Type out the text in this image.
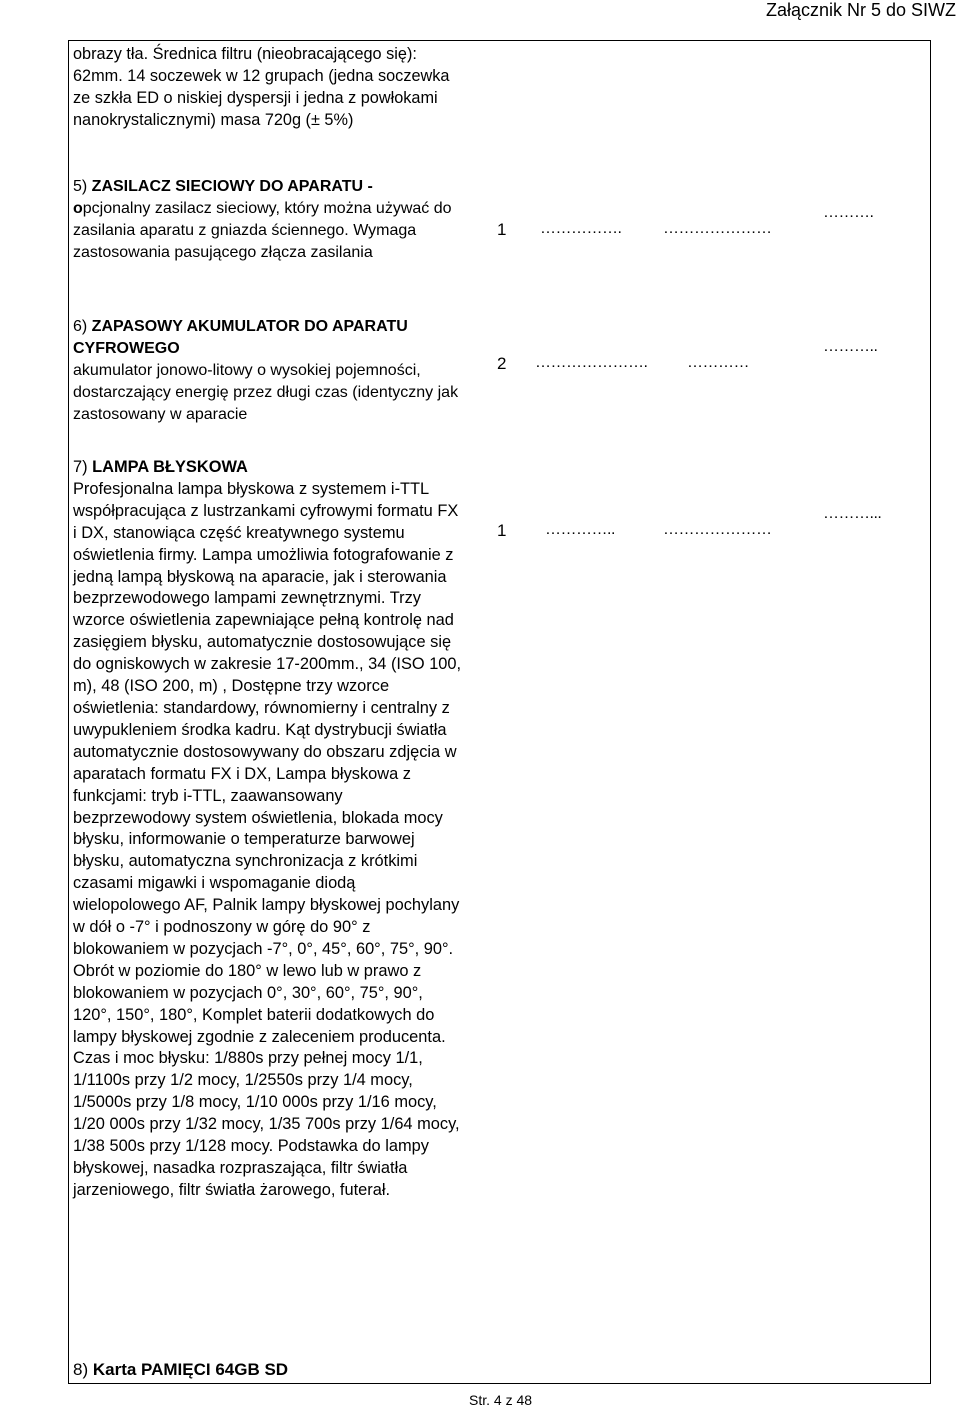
Załącznik Nr 5 do SIWZ
obrazy tła. Średnica filtru (nieobracającego się): 62mm. 14 soczewek w 12 grupach (jedna soczewka ze szkła ED o niskiej dyspersji i jedna z powłokami nanokrystalicznymi) masa 720g (± 5%)
5) ZASILACZ SIECIOWY DO APARATU -
opcjonalny zasilacz sieciowy, który można używać do zasilania aparatu z gniazda ściennego. Wymaga zastosowania pasującego złącza zasilania
1 …………….	…………………
……….
6) ZAPASOWY AKUMULATOR DO APARATU CYFROWEGO
akumulator jonowo-litowy o wysokiej pojemności, dostarczający energię przez długi czas (identyczny jak zastosowany w aparacie
2 …………………. …………
………..
7) LAMPA BŁYSKOWA
Profesjonalna lampa błyskowa z systemem i-TTL współpracująca z lustrzankami cyfrowymi formatu FX i DX, stanowiąca część kreatywnego systemu oświetlenia firmy. Lampa umożliwia fotografowanie z jedną lampą błyskową na aparacie, jak i sterowania bezprzewodowego lampami zewnętrznymi. Trzy wzorce oświetlenia zapewniające pełną kontrolę nad zasięgiem błysku, automatycznie dostosowujące się do ogniskowych w zakresie 17-200mm., 34 (ISO 100, m), 48 (ISO 200, m) , Dostępne trzy wzorce oświetlenia: standardowy, równomierny i centralny z uwypukleniem środka kadru. Kąt dystrybucji światła automatycznie dostosowywany do obszaru zdjęcia w aparatach formatu FX i DX, Lampa błyskowa z funkcjami: tryb i-TTL, zaawansowany bezprzewodowy system oświetlenia, blokada mocy błysku, informowanie o temperaturze barwowej błysku, automatyczna synchronizacja z krótkimi czasami migawki i wspomaganie diodą wielopolowego AF, Palnik lampy błyskowej pochylany w dół o -7° i podnoszony w górę do 90° z blokowaniem w pozycjach -7°, 0°, 45°, 60°, 75°, 90°. Obrót w poziomie do 180° w lewo lub w prawo z blokowaniem w pozycjach 0°, 30°, 60°, 75°, 90°, 120°, 150°, 180°, Komplet baterii dodatkowych do lampy błyskowej zgodnie z zaleceniem producenta. Czas i moc błysku: 1/880s przy pełnej mocy 1/1, 1/1100s przy 1/2 mocy, 1/2550s przy 1/4 mocy, 1/5000s przy 1/8 mocy, 1/10 000s przy 1/16 mocy, 1/20 000s przy 1/32 mocy, 1/35 700s przy 1/64 mocy, 1/38 500s przy 1/128 mocy. Podstawka do lampy błyskowej, nasadka rozpraszająca, filtr światła jarzeniowego, filtr światła żarowego, futerał.
1 …………..	…………………
………...
8) Karta PAMIĘCI 64GB SD
Str. 4 z 48
